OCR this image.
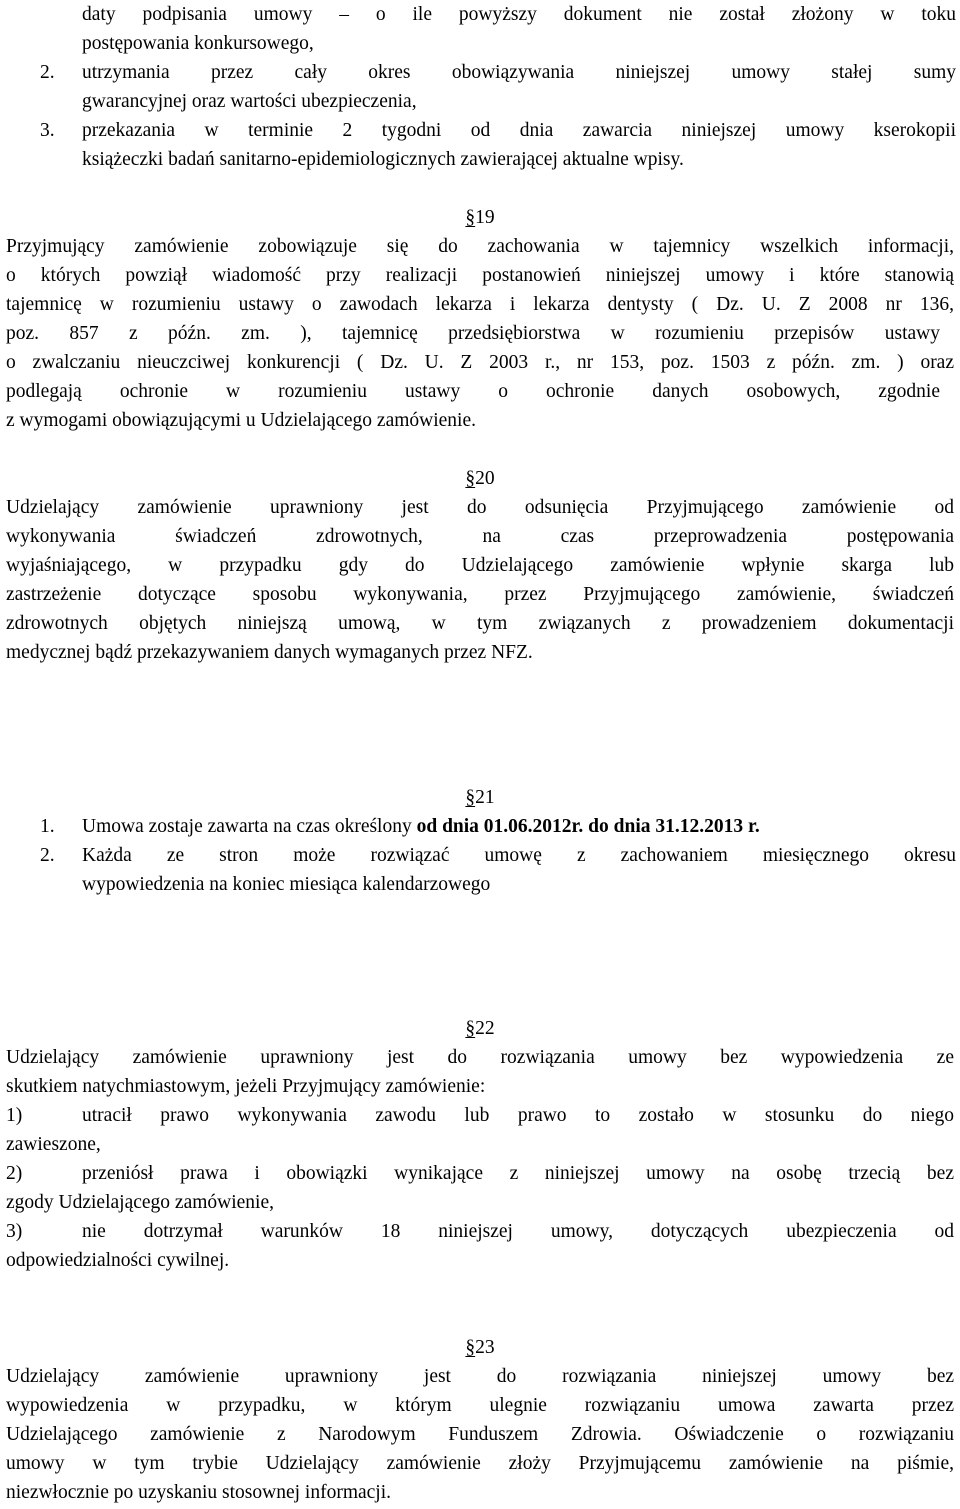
daty podpisania umowy – o ile powyższy dokument nie został złożony w toku
postępowania konkursowego,
2. utrzymania przez cały okres obowiązywania niniejszej umowy stałej sumy
gwarancyjnej oraz wartości ubezpieczenia,
3. przekazania w terminie 2 tygodni od dnia zawarcia niniejszej umowy kserokopii
książeczki badań sanitarno-epidemiologicznych zawierającej aktualne wpisy.
§19
Przyjmujący zamówienie zobowiązuje się do zachowania w tajemnicy wszelkich informacji,
o których powziął wiadomość przy realizacji postanowień niniejszej umowy i które stanowią
tajemnicę w rozumieniu ustawy o zawodach lekarza i lekarza dentysty ( Dz. U. Z 2008 nr 136,
poz. 857 z późn. zm. ), tajemnicę przedsiębiorstwa w rozumieniu przepisów ustawy
o zwalczaniu nieuczciwej konkurencji ( Dz. U. Z 2003 r., nr 153, poz. 1503 z późn. zm. ) oraz
podlegają ochronie w rozumieniu ustawy o ochronie danych osobowych, zgodnie
z wymogami obowiązującymi u Udzielającego zamówienie.
§20
Udzielający zamówienie uprawniony jest do odsunięcia Przyjmującego zamówienie od
wykonywania świadczeń zdrowotnych, na czas przeprowadzenia postępowania
wyjaśniającego, w przypadku gdy do Udzielającego zamówienie wpłynie skarga lub
zastrzeżenie dotyczące sposobu wykonywania, przez Przyjmującego zamówienie, świadczeń
zdrowotnych objętych niniejszą umową, w tym związanych z prowadzeniem dokumentacji
medycznej bądź przekazywaniem danych wymaganych przez NFZ.
§21
1. Umowa zostaje zawarta na czas określony od dnia 01.06.2012r. do dnia 31.12.2013 r.
2. Każda ze stron może rozwiązać umowę z zachowaniem miesięcznego okresu
wypowiedzenia na koniec miesiąca kalendarzowego
§22
Udzielający zamówienie uprawniony jest do rozwiązania umowy bez wypowiedzenia ze
skutkiem natychmiastowym, jeżeli Przyjmujący zamówienie:
1)	utracił prawo wykonywania zawodu lub prawo to zostało w stosunku do niego
zawieszone,
2)	przeniósł prawa i obowiązki wynikające z niniejszej umowy na osobę trzecią bez
zgody Udzielającego zamówienie,
3)	nie dotrzymał warunków 18 niniejszej umowy, dotyczących ubezpieczenia od
odpowiedzialności cywilnej.
§23
Udzielający zamówienie uprawniony jest do rozwiązania niniejszej umowy bez
wypowiedzenia w przypadku, w którym ulegnie rozwiązaniu umowa zawarta przez
Udzielającego zamówienie z Narodowym Funduszem Zdrowia. Oświadczenie o rozwiązaniu
umowy w tym trybie Udzielający zamówienie złoży Przyjmującemu zamówienie na piśmie,
niezwłocznie po uzyskaniu stosownej informacji.
